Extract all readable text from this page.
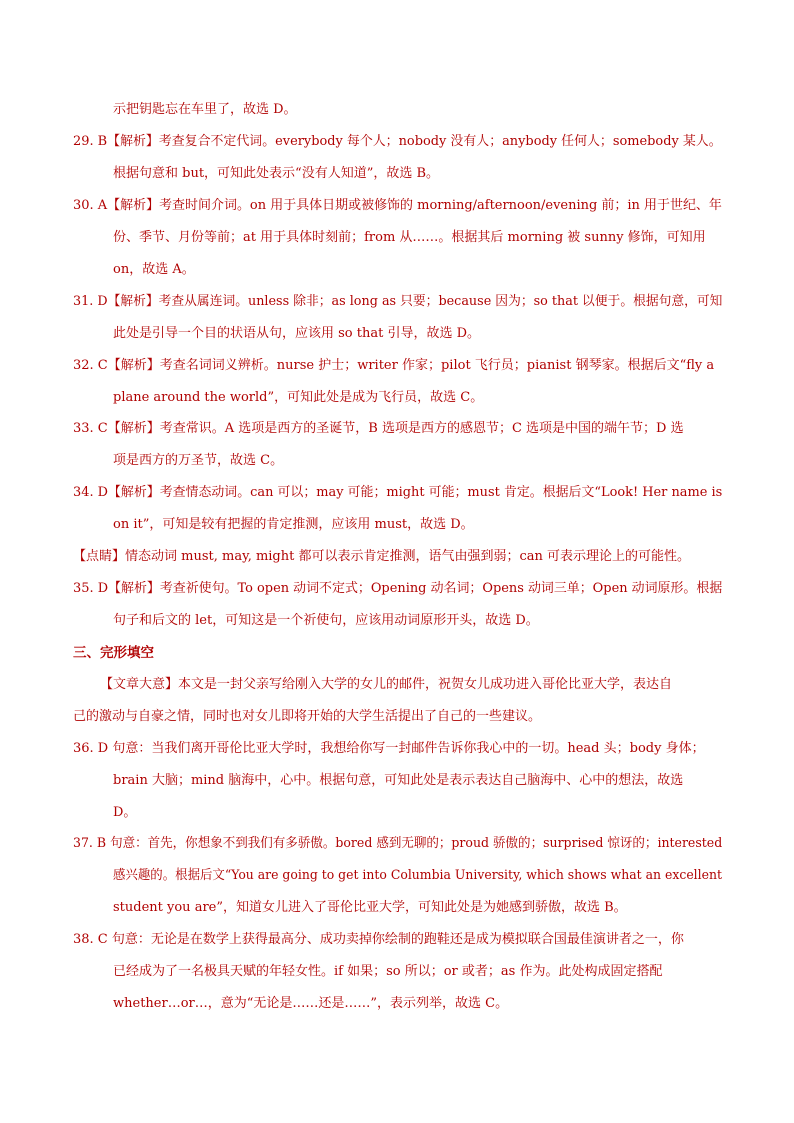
示把钥匙忘在车里了，故选 D。
29. B【解析】考查复合不定代词。everybody 每个人；nobody 没有人；anybody 任何人；somebody 某人。
根据句意和 but，可知此处表示“没有人知道”，故选 B。
30. A【解析】考查时间介词。on 用于具体日期或被修饰的 morning/afternoon/evening 前；in 用于世纪、年
份、季节、月份等前；at 用于具体时刻前；from 从……。根据其后 morning 被 sunny 修饰，可知用
on，故选 A。
31. D【解析】考查从属连词。unless 除非；as long as 只要；because 因为；so that 以便于。根据句意，可知
此处是引导一个目的状语从句，应该用 so that 引导，故选 D。
32. C【解析】考查名词词义辨析。nurse 护士；writer 作家；pilot 飞行员；pianist 钢琴家。根据后文“fly a
plane around the world”，可知此处是成为飞行员，故选 C。
33. C【解析】考查常识。A 选项是西方的圣诞节，B 选项是西方的感恩节；C 选项是中国的端午节；D 选
项是西方的万圣节，故选 C。
34. D【解析】考查情态动词。can 可以；may 可能；might 可能；must 肯定。根据后文“Look! Her name is
on it”，可知是较有把握的肯定推测，应该用 must，故选 D。
【点睛】情态动词 must, may, might 都可以表示肯定推测，语气由强到弱；can 可表示理论上的可能性。
35. D【解析】考查祈使句。To open 动词不定式；Opening 动名词；Opens 动词三单；Open 动词原形。根据
句子和后文的 let，可知这是一个祈使句，应该用动词原形开头，故选 D。
三、完形填空
【文章大意】本文是一封父亲写给刚入大学的女儿的邮件，祝贺女儿成功进入哥伦比亚大学，表达自
己的激动与自豪之情，同时也对女儿即将开始的大学生活提出了自己的一些建议。
36. D 句意：当我们离开哥伦比亚大学时，我想给你写一封邮件告诉你我心中的一切。head 头；body 身体；
brain 大脑；mind 脑海中，心中。根据句意，可知此处是表示表达自己脑海中、心中的想法，故选
D。
37. B 句意：首先，你想象不到我们有多骄傲。bored 感到无聊的；proud 骄傲的；surprised 惊讶的；interested
感兴趣的。根据后文“You are going to get into Columbia University, which shows what an excellent
student you are”，知道女儿进入了哥伦比亚大学，可知此处是为她感到骄傲，故选 B。
38. C 句意：无论是在数学上获得最高分、成功卖掉你绘制的跑鞋还是成为模拟联合国最佳演讲者之一，你
已经成为了一名极具天赋的年轻女性。if 如果；so 所以；or 或者；as 作为。此处构成固定搭配
whether…or…，意为“无论是……还是……”，表示列举，故选 C。
